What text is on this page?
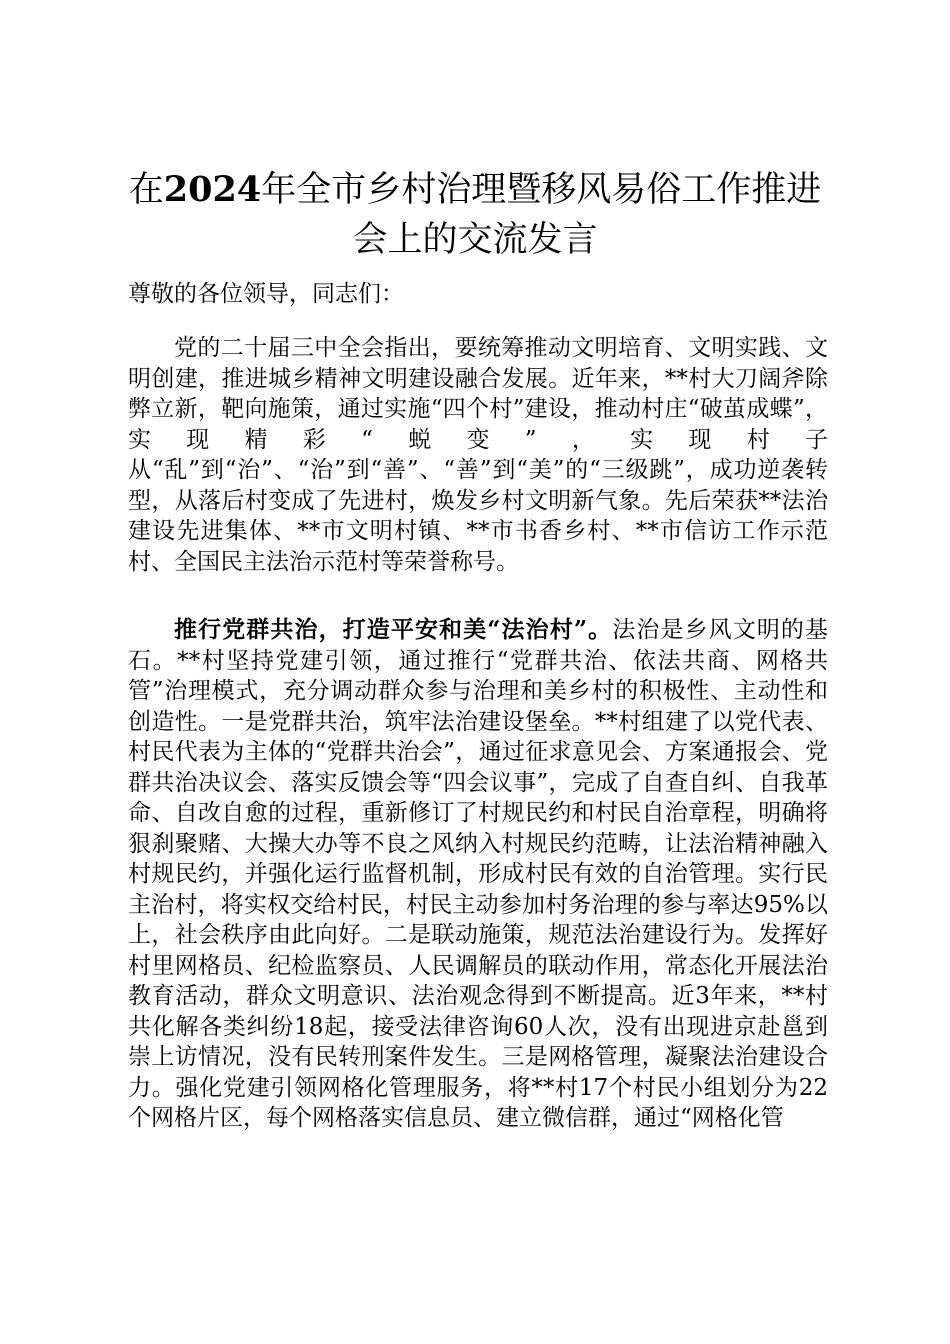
在2024年全市乡村治理暨移风易俗工作推进会上的交流发言
尊敬的各位领导，同志们：
党的二十届三中全会指出，要统筹推动文明培育、文明实践、文明创建，推进城乡精神文明建设融合发展。近年来，**村大刀阔斧除弊立新，靶向施策，通过实施“四个村”建设，推动村庄“破茧成蝶”，实现精彩“蜕变”，实现村子从“乱”到“治”、“治”到“善”、“善”到“美”的“三级跳”，成功逆袭转型，从落后村变成了先进村，焕发乡村文明新气象。先后荣获**法治建设先进集体、**市文明村镇、**市书香乡村、**市信访工作示范村、全国民主法治示范村等荣誉称号。
推行党群共治，打造平安和美“法治村”。法治是乡风文明的基石。**村坚持党建引领，通过推行“党群共治、依法共商、网格共管”治理模式，充分调动群众参与治理和美乡村的积极性、主动性和创造性。一是党群共治，筑牢法治建设堡垒。**村组建了以党代表、村民代表为主体的“党群共治会”，通过征求意见会、方案通报会、党群共治决议会、落实反馈会等“四会议事”，完成了自查自纠、自我革命、自改自愈的过程，重新修订了村规民约和村民自治章程，明确将狠刹聚赌、大操大办等不良之风纳入村规民约范畴，让法治精神融入村规民约，并强化运行监督机制，形成村民有效的自治管理。实行民主治村，将实权交给村民，村民主动参加村务治理的参与率达95%以上，社会秩序由此向好。二是联动施策，规范法治建设行为。发挥好村里网格员、纪检监察员、人民调解员的联动作用，常态化开展法治教育活动，群众文明意识、法治观念得到不断提高。近3年来，**村共化解各类纠纷18起，接受法律咨询60人次，没有出现进京赴邕到崇上访情况，没有民转刑案件发生。三是网格管理，凝聚法治建设合力。强化党建引领网格化管理服务，将**村17个村民小组划分为22个网格片区，每个网格落实信息员、建立微信群，通过“网格化管
